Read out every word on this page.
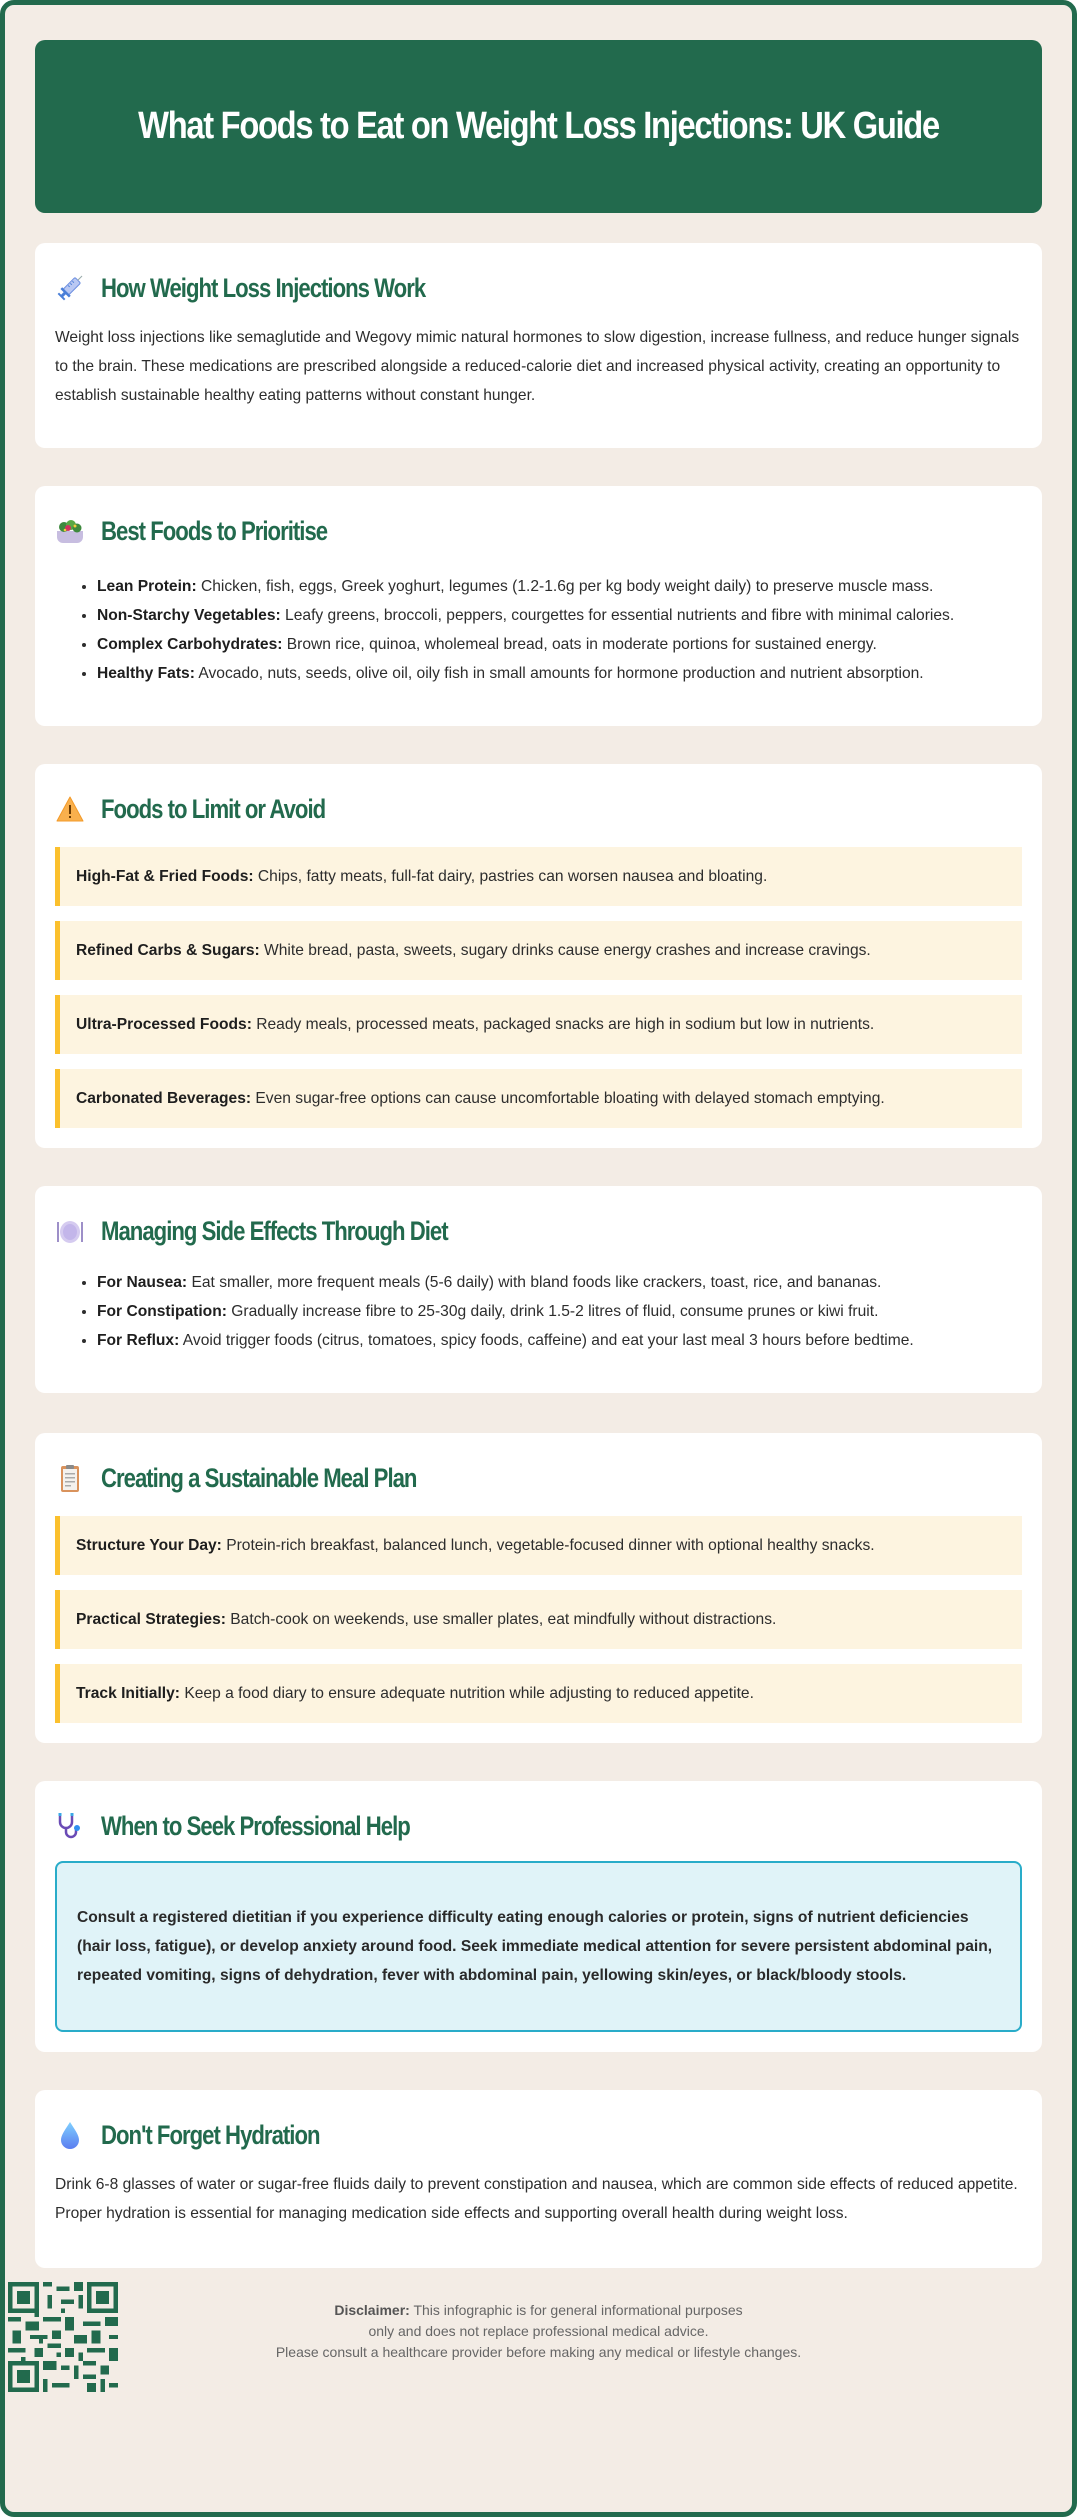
What Foods to Eat on Weight Loss Injections: UK Guide
How Weight Loss Injections Work

Weight loss injections like semaglutide and Wegovy mimic natural hormones to slow digestion, increase fullness, and reduce hunger signals to the brain. These medications are prescribed alongside a reduced-calorie diet and increased physical activity, creating an opportunity to establish sustainable healthy eating patterns without constant hunger.

Best Foods to Prioritise
• Lean Protein: Chicken, fish, eggs, Greek yoghurt, legumes (1.2-1.6g per kg body weight daily) to preserve muscle mass.
• Non-Starchy Vegetables: Leafy greens, broccoli, peppers, courgettes for essential nutrients and fibre with minimal calories.
• Complex Carbohydrates: Brown rice, quinoa, wholemeal bread, oats in moderate portions for sustained energy.
• Healthy Fats: Avocado, nuts, seeds, olive oil, oily fish in small amounts for hormone production and nutrient absorption.
Foods to Limit or Avoid
High-Fat & Fried Foods: Chips, fatty meats, full-fat dairy, pastries can worsen nausea and bloating.
Refined Carbs & Sugars: White bread, pasta, sweets, sugary drinks cause energy crashes and increase cravings.
Ultra-Processed Foods: Ready meals, processed meats, packaged snacks are high in sodium but low in nutrients.
Carbonated Beverages: Even sugar-free options can cause uncomfortable bloating with delayed stomach emptying.
Managing Side Effects Through Diet
• For Nausea: Eat smaller, more frequent meals (5-6 daily) with bland foods like crackers, toast, rice, and bananas.
• For Constipation: Gradually increase fibre to 25-30g daily, drink 1.5-2 litres of fluid, consume prunes or kiwi fruit.
• For Reflux: Avoid trigger foods (citrus, tomatoes, spicy foods, caffeine) and eat your last meal 3 hours before bedtime.
Creating a Sustainable Meal Plan
Structure Your Day: Protein-rich breakfast, balanced lunch, vegetable-focused dinner with optional healthy snacks.
Practical Strategies: Batch-cook on weekends, use smaller plates, eat mindfully without distractions.
Track Initially: Keep a food diary to ensure adequate nutrition while adjusting to reduced appetite.
When to Seek Professional Help
Consult a registered dietitian if you experience difficulty eating enough calories or protein, signs of nutrient deficiencies (hair loss, fatigue), or develop anxiety around food. Seek immediate medical attention for severe persistent abdominal pain, repeated vomiting, signs of dehydration, fever with abdominal pain, yellowing skin/eyes, or black/bloody stools.
Don't Forget Hydration

Drink 6-8 glasses of water or sugar-free fluids daily to prevent constipation and nausea, which are common side effects of reduced appetite. Proper hydration is essential for managing medication side effects and supporting overall health during weight loss.

Disclaimer: This infographic is for general informational purposes
only and does not replace professional medical advice.
Please consult a healthcare provider before making any medical or lifestyle changes.
